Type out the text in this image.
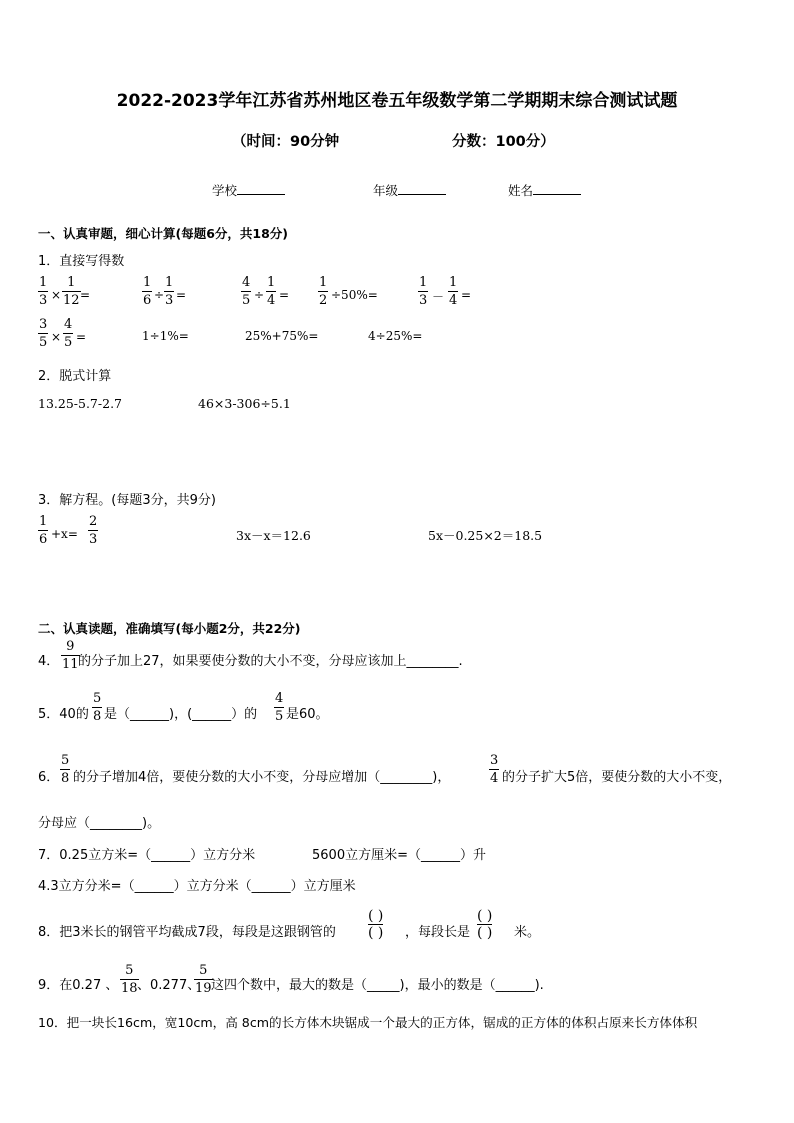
2022-2023学年江苏省苏州地区卷五年级数学第二学期期末综合测试试题
（时间：90分钟	分数：100分）
学校	年级	姓名
一、认真审题，细心计算(每题6分，共18分)
1．直接写得数
1
3 ×
1
12 =
1
6 ÷
1
3 =
4
5 ÷
1
4 =
1
2 ÷50%=
1
3 －
1
4 =
3
5 ×
4
5 =	1÷1%=	25%+75%=	4÷25%=
2．脱式计算
13.25-5.7-2.7	46×3-306÷5.1
3．解方程。(每题3分，共9分)
1
6 +x=
2
3	3x－x＝12.6	5x－0.25×2＝18.5
二、认真读题，准确填写(每小题2分，共22分)
4．
9
11 的分子加上27，如果要使分数的大小不变，分母应该加上________.
5．40的
5
8 是（______)，(______）的
4
5 是60。
6．
5
8 的分子增加4倍，要使分数的大小不变，分母应增加（________)，
3
4 的分子扩大5倍，要使分数的大小不变，
分母应（________)。
7．0.25立方米=（______）立方分米	5600立方厘米=（______）升
4.3立方分米=（______）立方分米（______）立方厘米
8．把3米长的钢管平均截成7段，每段是这跟钢管的
( )
( ) ，每段长是
( )
( ) 米。
9．在0.27 、
5
18 、0.277、
5
19 这四个数中，最大的数是（_____)，最小的数是（______).
10．把一块长16cm，宽10cm，高 8cm的长方体木块锯成一个最大的正方体，锯成的正方体的体积占原来长方体体积
